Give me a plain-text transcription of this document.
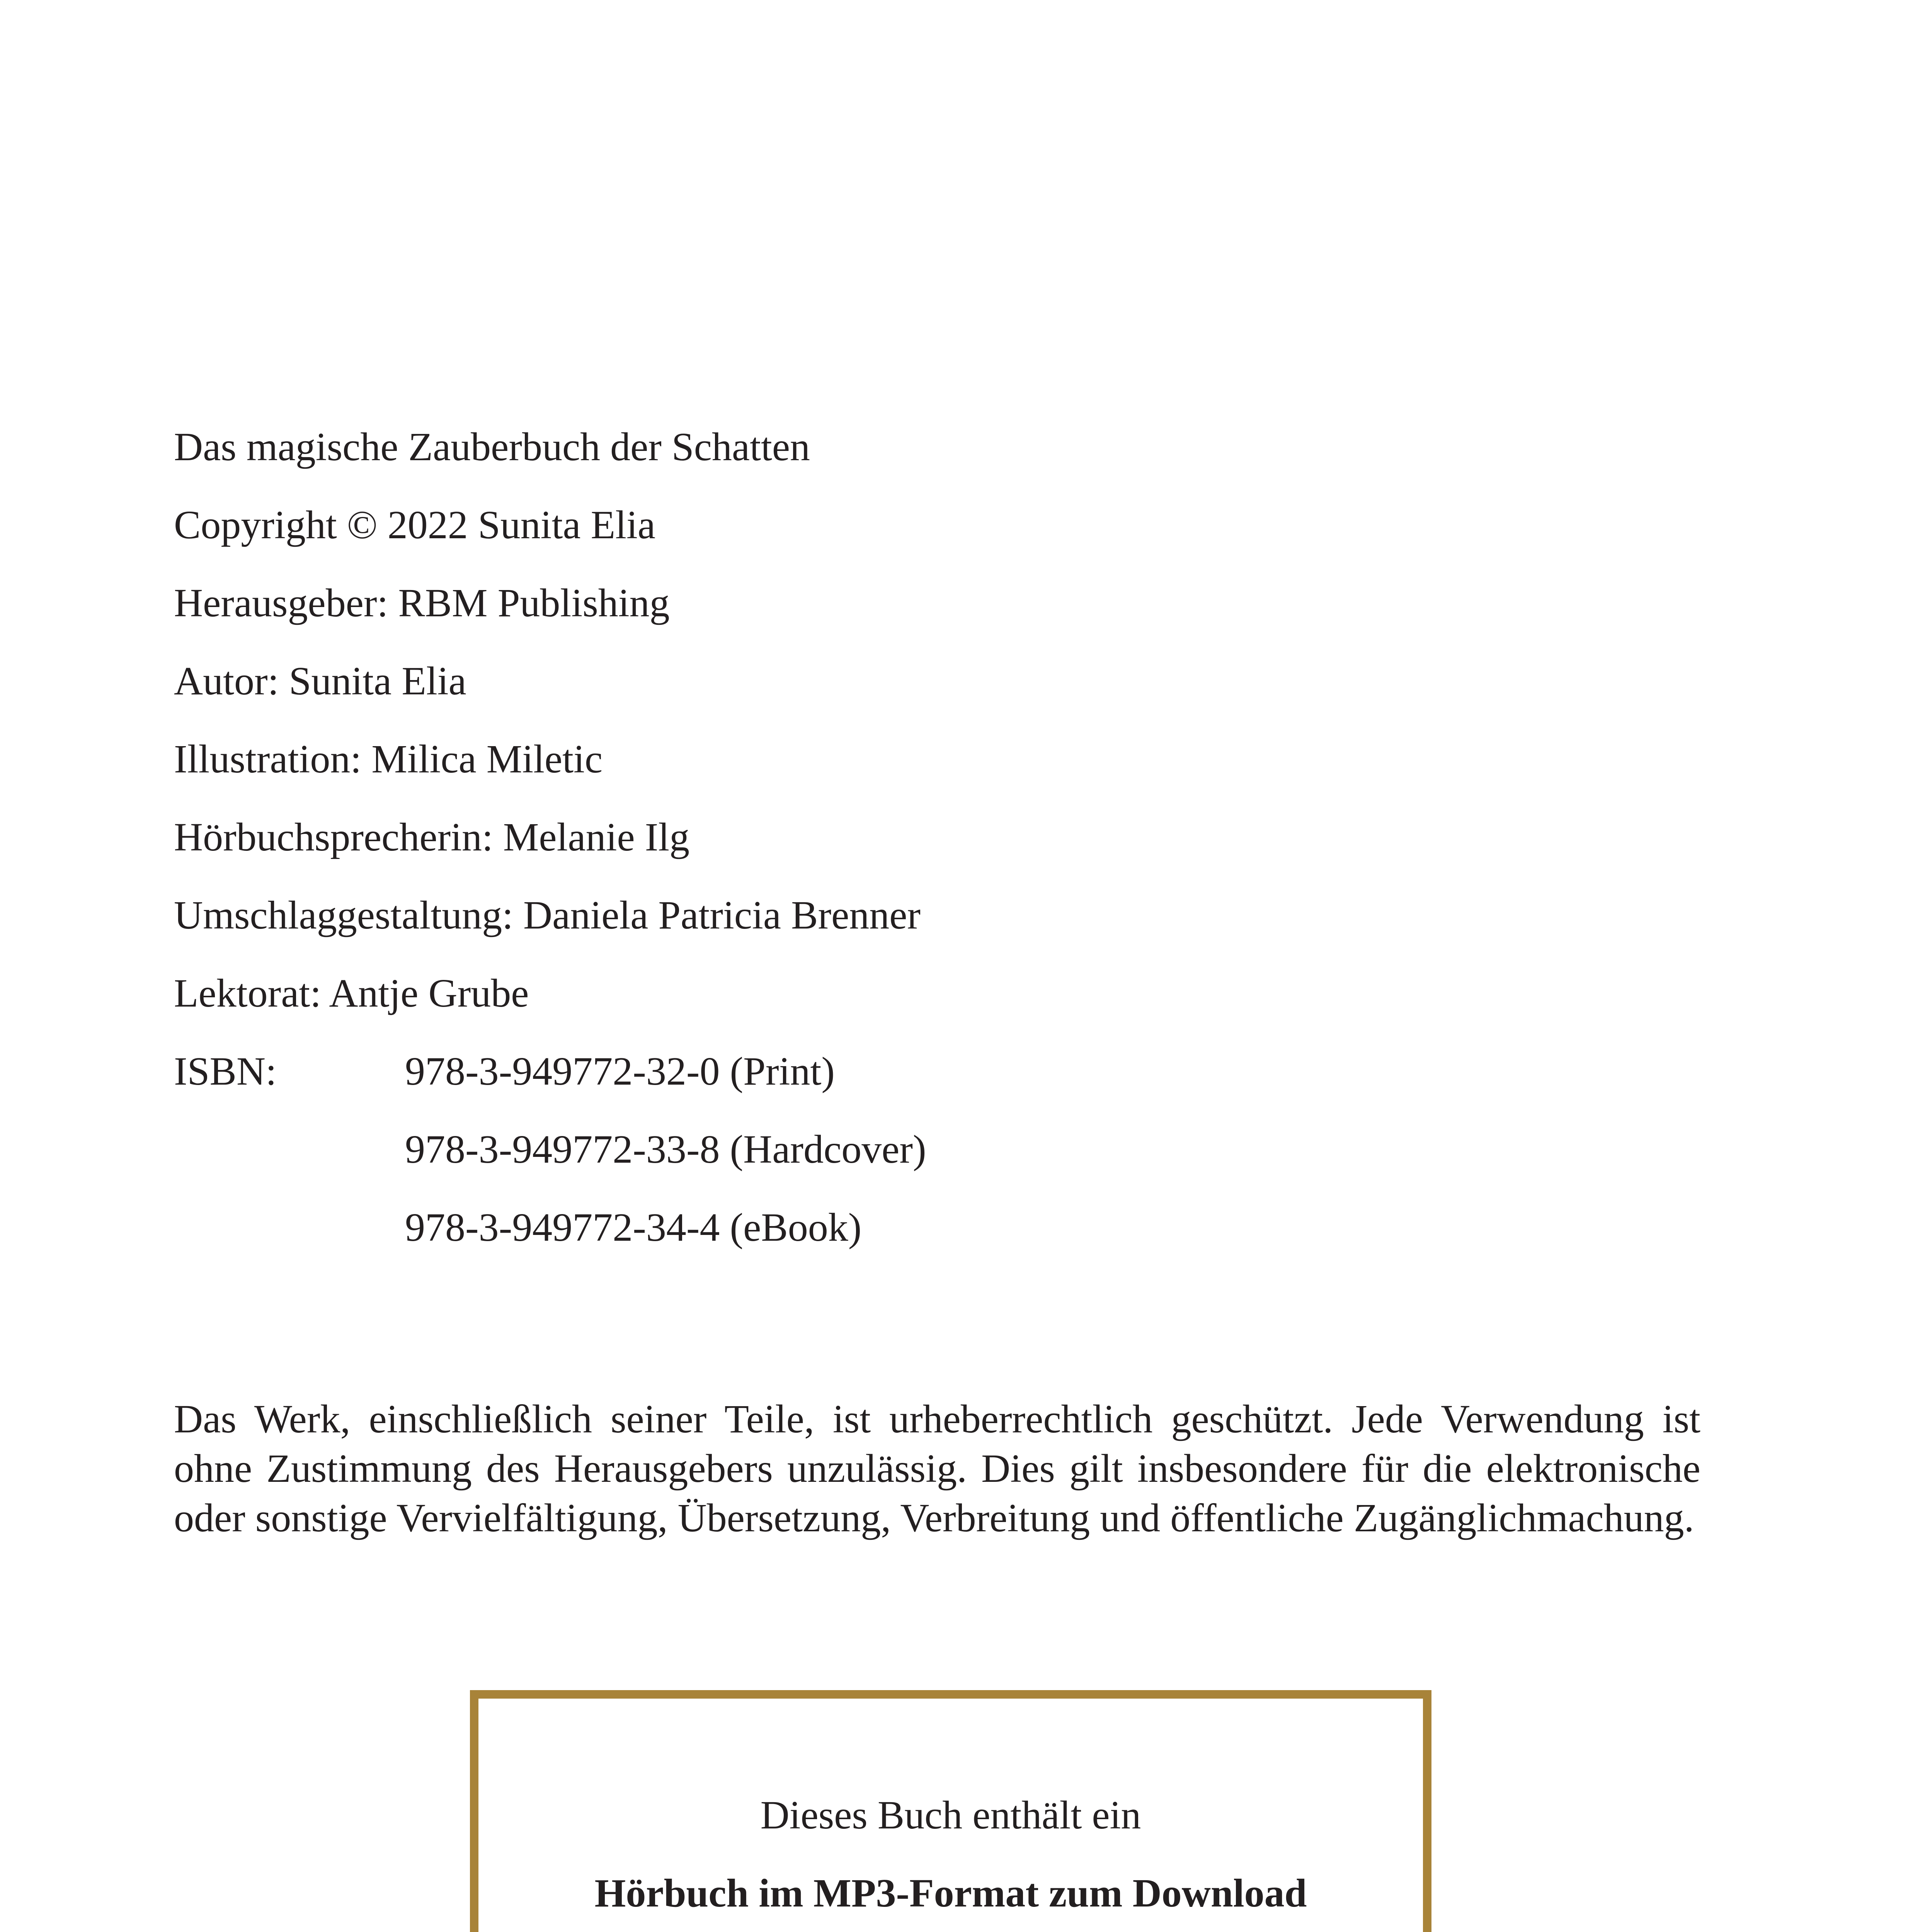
Das magische Zauberbuch der Schatten
Copyright © 2022 Sunita Elia
Herausgeber: RBM Publishing
Autor: Sunita Elia
Illustration: Milica Miletic
Hörbuchsprecherin: Melanie Ilg
Umschlaggestaltung: Daniela Patricia Brenner
Lektorat: Antje Grube
ISBN:	978-3-949772-32-0 (Print)
978-3-949772-33-8 (Hardcover)
978-3-949772-34-4 (eBook)

Das Werk, einschließlich seiner Teile, ist urheberrechtlich geschützt. Jede Verwendung ist ohne Zustimmung des Herausgebers unzulässig. Dies gilt insbesondere für die elektronische oder sonstige Vervielfältigung, Übersetzung, Verbreitung und öffentliche Zugänglichmachung.

Dieses Buch enthält ein
Hörbuch im MP3-Format zum Download
